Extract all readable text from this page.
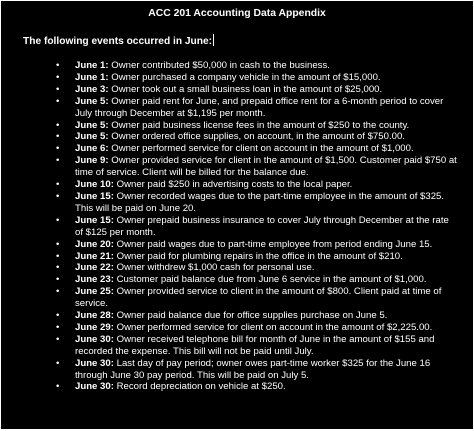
ACC 201 Accounting Data Appendix
The following events occurred in June:
• June 1: Owner contributed $50,000 in cash to the business.
• June 1: Owner purchased a company vehicle in the amount of $15,000.
• June 3: Owner took out a small business loan in the amount of $25,000.
• June 5: Owner paid rent for June, and prepaid office rent for a 6-month period to cover July through December at $1,195 per month.
• June 5: Owner paid business license fees in the amount of $250 to the county.
• June 5: Owner ordered office supplies, on account, in the amount of $750.00.
• June 6: Owner performed service for client on account in the amount of $1,000.
• June 9: Owner provided service for client in the amount of $1,500. Customer paid $750 at time of service. Client will be billed for the balance due.
• June 10: Owner paid $250 in advertising costs to the local paper.
• June 15: Owner recorded wages due to the part-time employee in the amount of $325. This will be paid on June 20.
• June 15: Owner prepaid business insurance to cover July through December at the rate of $125 per month.
• June 20: Owner paid wages due to part-time employee from period ending June 15.
• June 21: Owner paid for plumbing repairs in the office in the amount of $210.
• June 22: Owner withdrew $1,000 cash for personal use.
• June 23: Customer paid balance due from June 6 service in the amount of $1,000.
• June 25: Owner provided service to client in the amount of $800. Client paid at time of service.
• June 28: Owner paid balance due for office supplies purchase on June 5.
• June 29: Owner performed service for client on account in the amount of $2,225.00.
• June 30: Owner received telephone bill for month of June in the amount of $155 and recorded the expense. This bill will not be paid until July.
• June 30: Last day of pay period; owner owes part-time worker $325 for the June 16 through June 30 pay period. This will be paid on July 5.
• June 30: Record depreciation on vehicle at $250.
